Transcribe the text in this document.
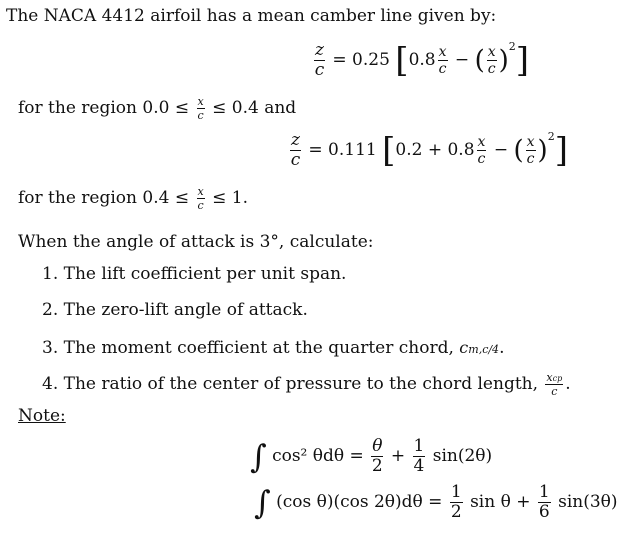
The NACA 4412 airfoil has a mean camber line given by:
$\frac{z}{c} = 0.25$ [$0.8 \frac{x}{c}$ − ( $\frac{x}{c} )^2$]
for the region $0.0 \le \frac{x}{c} \le 0.4$ and
$\frac{z}{c} = 0.111$ [$0.2 + 0.8 \frac{x}{c}$ − ( $\frac{x}{c} )^2$]
for the region $0.4 \le \frac{x}{c} \le 1$.
When the angle of attack is 3°, calculate:
1. The lift coefficient per unit span.
2. The zero-lift angle of attack.
3. The moment coefficient at the quarter chord, cm,c/4.
4. The ratio of the center of pressure to the chord length, $\frac{\text{xcp}}{c}$ .
Note:
∫ cos² $\theta d\theta = \frac{\theta}{2} + \frac{1}{4} \sin(2\theta)$
∫ (cos θ)(cos $2\theta)d\theta = \frac{1}{2}$ $\sin \theta + \frac{1}{6} \sin(3\theta)$
